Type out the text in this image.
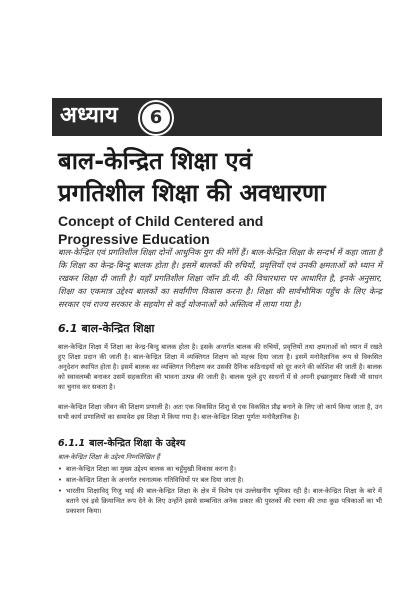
अध्याय	6
बाल-केन्द्रित शिक्षा एवं
प्रगतिशील शिक्षा की अवधारणा
Concept of Child Centered and
Progressive Education

बाल-केन्द्रित एवं प्रगतिशील शिक्षा दोनों आधुनिक युग की माँगें हैं। बाल-केन्द्रित शिक्षा के सन्दर्भ में कहा जाता है कि शिक्षा का केन्द्र-बिन्दु बालक होता है। इसमें बालकों की रुचियों, प्रवृत्तियों एवं उनकी क्षमताओं को ध्यान में रखकर शिक्षा दी जाती है। यहाँ प्रगतिशील शिक्षा जॉन डी.वी. की विचारधारा पर आधारित है, इनके अनुसार, शिक्षा का एकमात्र उद्देश्य बालकों का सर्वांगीण विकास करना है। शिक्षा की सार्वभौमिक पहुँच के लिए केन्द्र सरकार एवं राज्य सरकार के सहयोग से कई योजनाओं को अस्तित्व में लाया गया है।

6.1 बाल-केन्द्रित शिक्षा

बाल-केन्द्रित शिक्षा में शिक्षा का केन्द्र-बिन्दु बालक होता है। इसके अन्तर्गत बालक की रुचियों, प्रवृत्तियों तथा क्षमताओं को ध्यान में रखते हुए शिक्षा प्रदान की जाती है। बाल-केन्द्रित शिक्षा में व्यक्तिगत शिक्षण को महत्त्व दिया जाता है। इसमें मनोवैज्ञानिक रूप से विकसित अनुदेशन स्थापित होता है। इसमें बालक का व्यक्तिगत निरीक्षण कर उसकी दैनिक कठिनाइयों को दूर करने की कोशिश की जाती है। बालक को स्वावलम्बी बनाकर उसमें सहकारिता की भावना उत्पन्न की जाती है। बालक फूले हुए साधनों में से अपनी इच्छानुसार किसी भी साधन का चुनाव कर सकता है।

बाल-केन्द्रित शिक्षा जीवन की शिक्षण प्रणाली है। अतः एक विकसित शिशु से एक विकसित प्रौढ़ बनाने के लिए जो कार्य किया जाता है, उन सभी कार्य प्रणालियों का समावेश इस शिक्षा में किया गया है। बाल-केन्द्रित शिक्षा पूर्णतः मनोवैज्ञानिक है।

6.1.1 बाल-केन्द्रित शिक्षा के उद्देश्य

बाल-केन्द्रित शिक्षा के उद्देश्य निम्नलिखित हैं

• बाल-केन्द्रित शिक्षा का मुख्य उद्देश्य बालक का चहुँमुखी विकास करना है।
• बाल-केन्द्रित शिक्षा के अन्तर्गत रचनात्मक गतिविधियों पर बल दिया जाता है।
• भारतीय शिक्षाविद् गिजु भाई की बाल-केन्द्रित शिक्षा के क्षेत्र में विशेष एवं उल्लेखनीय भूमिका रही है। बाल-केन्द्रित शिक्षा के बारे में बताने एवं इसे क्रियान्वित रूप देने के लिए उन्होंने इससे सम्बन्धित अनेक प्रकार की पुस्तकों की रचना की तथा कुछ पत्रिकाओं का भी प्रकाशन किया।
